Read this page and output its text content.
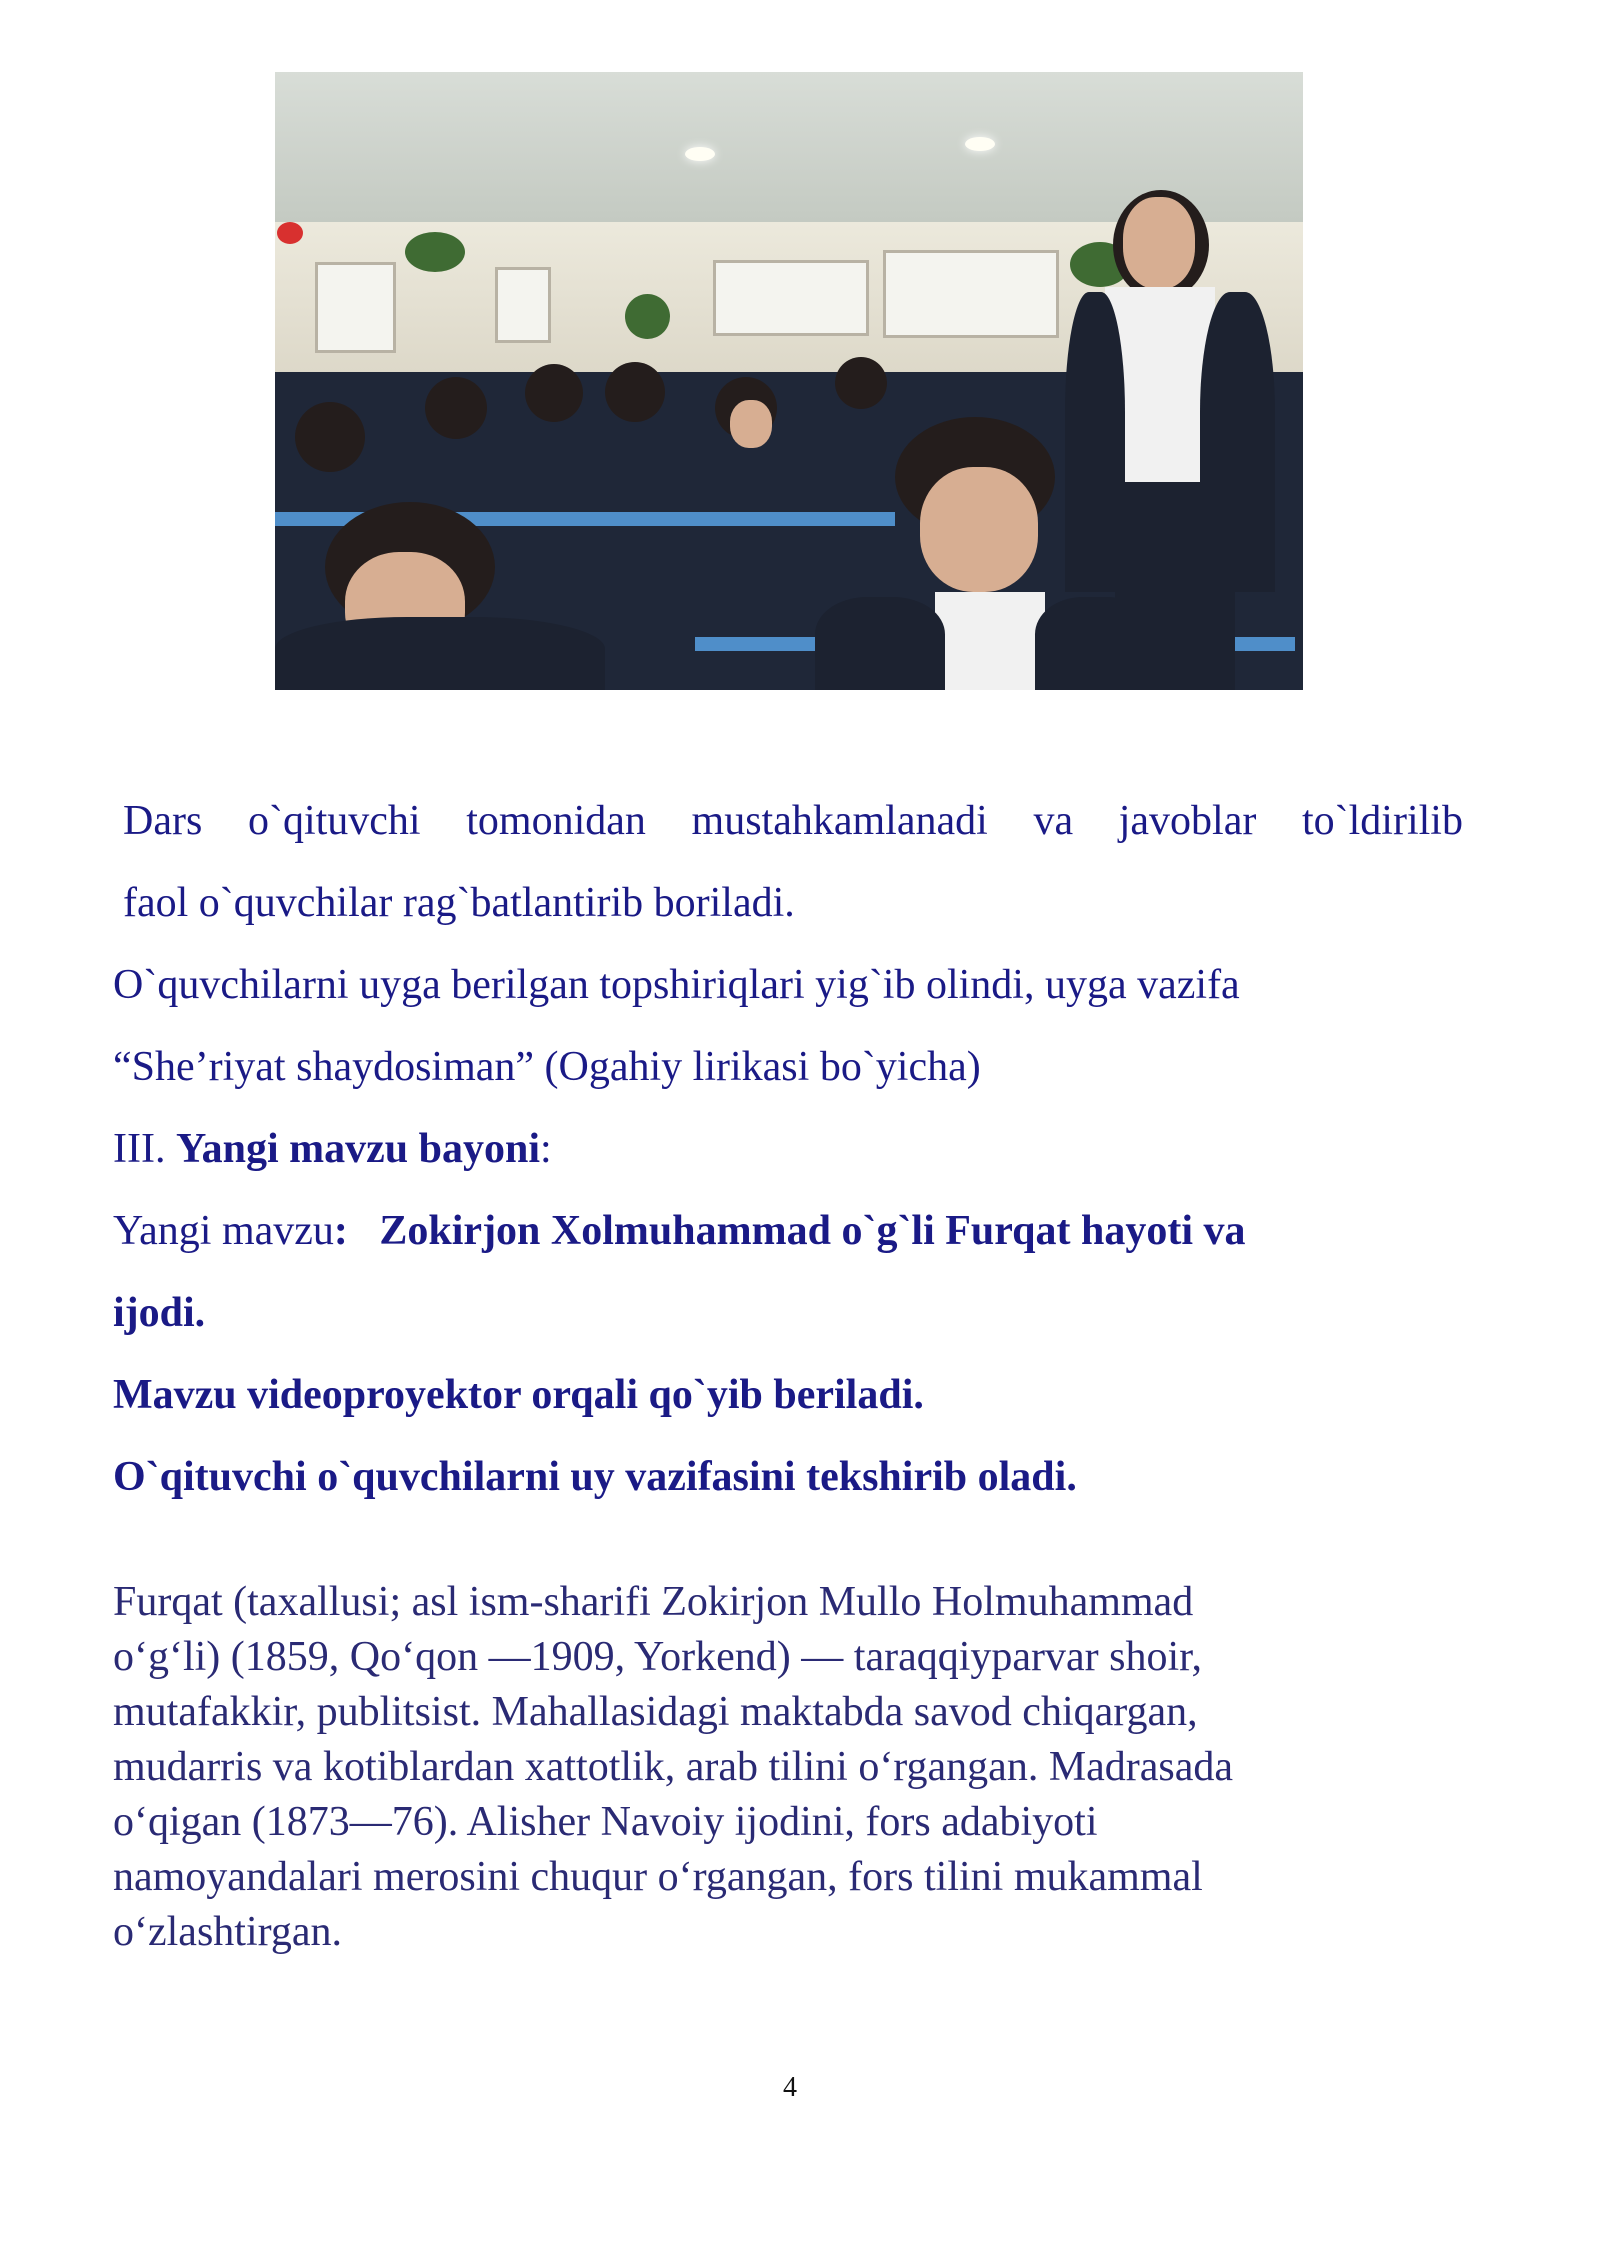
Dars o`qituvchi tomonidan mustahkamlanadi va javoblar to`ldirilib
faol o`quvchilar rag`batlantirib boriladi.
O`quvchilarni uyga berilgan topshiriqlari yig`ib olindi, uyga vazifa
“She’riyat shaydosiman” (Ogahiy lirikasi bo`yicha)
III. Yangi mavzu bayoni:
Yangi mavzu: Zokirjon Xolmuhammad o`g`li Furqat hayoti va
ijodi.
Mavzu videoproyektor orqali qo`yib beriladi.
O`qituvchi o`quvchilarni uy vazifasini tekshirib oladi.

Furqat (taxallusi; asl ism-sharifi Zokirjon Mullo Holmuhammad

o‘g‘li) (1859, Qo‘qon —1909, Yorkend) — taraqqiyparvar shoir,

mutafakkir, publitsist. Mahallasidagi maktabda savod chiqargan,

mudarris va kotiblardan xattotlik, arab tilini o‘rgangan. Madrasada

o‘qigan (1873—76). Alisher Navoiy ijodini, fors adabiyoti

namoyandalari merosini chuqur o‘rgangan, fors tilini mukammal

o‘zlashtirgan.

4
